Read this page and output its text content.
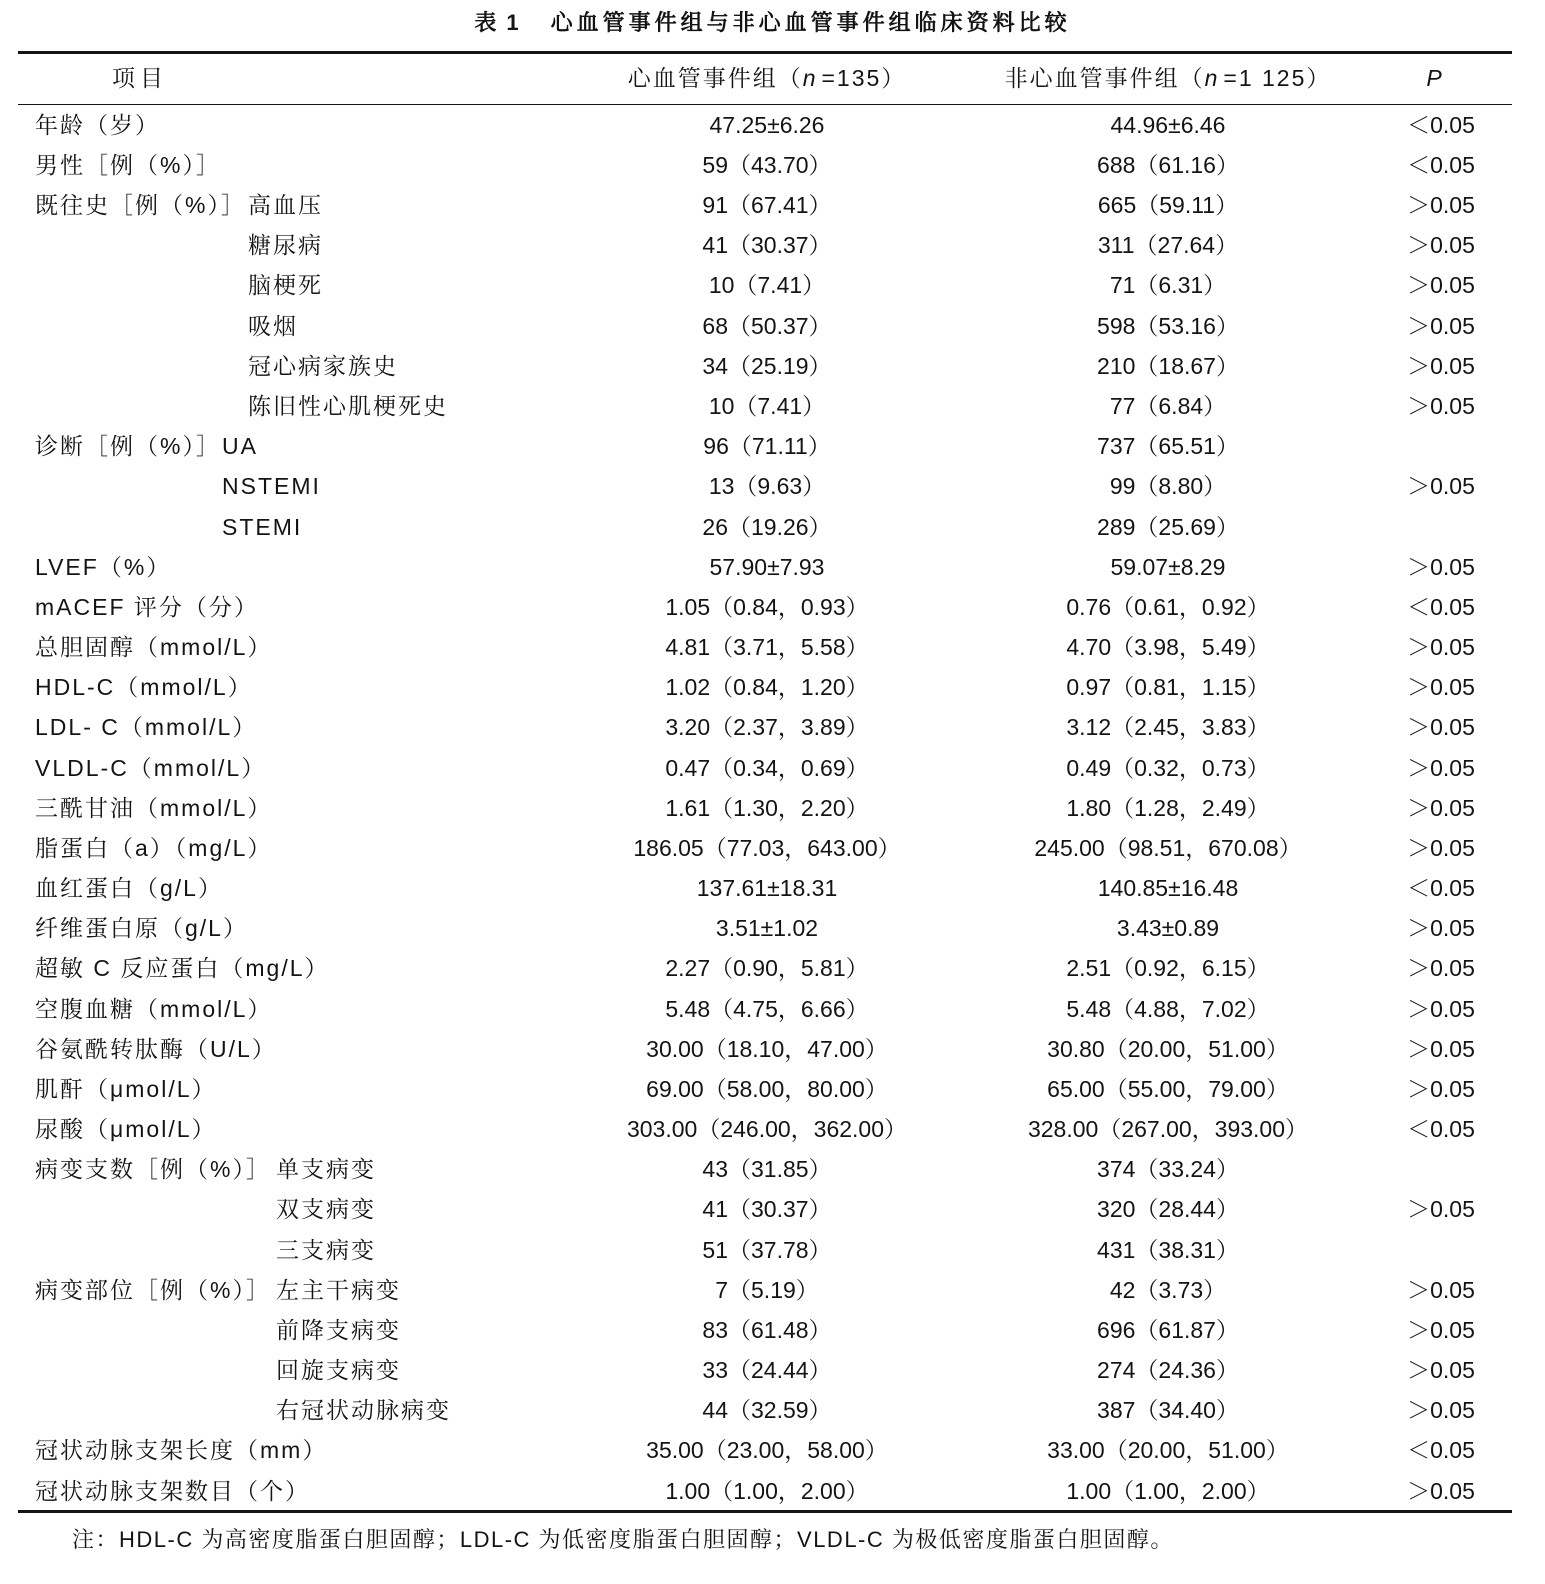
表 1 心血管事件组与非心血管事件组临床资料比较
项目	心血管事件组（n =135）	非心血管事件组（n =1 125）	P
年龄（岁）	47.25±6.26	44.96±6.46	＜0.05
男性［例（%）］	59（43.70）	688（61.16）	＜0.05
既往史［例（%）］ 高血压	91（67.41）	665（59.11）	＞0.05
糖尿病	41（30.37）	311（27.64）	＞0.05
脑梗死	10（7.41）	71（6.31）	＞0.05
吸烟	68（50.37）	598（53.16）	＞0.05
冠心病家族史	34（25.19）	210（18.67）	＞0.05
陈旧性心肌梗死史	10（7.41）	77（6.84）	＞0.05
诊断［例（%）］ UA	96（71.11）	737（65.51）
NSTEMI	13（9.63）	99（8.80）	＞0.05
STEMI	26（19.26）	289（25.69）
LVEF（%）	57.90±7.93	59.07±8.29	＞0.05
mACEF 评分（分）	1.05（0.84，0.93）	0.76（0.61，0.92）	＜0.05
总胆固醇（mmol/L）	4.81（3.71，5.58）	4.70（3.98，5.49）	＞0.05
HDL-C（mmol/L）	1.02（0.84，1.20）	0.97（0.81，1.15）	＞0.05
LDL- C（mmol/L）	3.20（2.37，3.89）	3.12（2.45，3.83）	＞0.05
VLDL-C（mmol/L）	0.47（0.34，0.69）	0.49（0.32，0.73）	＞0.05
三酰甘油（mmol/L）	1.61（1.30，2.20）	1.80（1.28，2.49）	＞0.05
脂蛋白（a）（mg/L）	186.05（77.03，643.00）	245.00（98.51，670.08）	＞0.05
血红蛋白（g/L）	137.61±18.31	140.85±16.48	＜0.05
纤维蛋白原（g/L）	3.51±1.02	3.43±0.89	＞0.05
超敏 C 反应蛋白（mg/L）	2.27（0.90，5.81）	2.51（0.92，6.15）	＞0.05
空腹血糖（mmol/L）	5.48（4.75，6.66）	5.48（4.88，7.02）	＞0.05
谷氨酰转肽酶（U/L）	30.00（18.10，47.00）	30.80（20.00，51.00）	＞0.05
肌酐（μmol/L）	69.00（58.00，80.00）	65.00（55.00，79.00）	＞0.05
尿酸（μmol/L）	303.00（246.00，362.00）	328.00（267.00，393.00）	＜0.05
病变支数［例（%）］ 单支病变	43（31.85）	374（33.24）
双支病变	41（30.37）	320（28.44）	＞0.05
三支病变	51（37.78）	431（38.31）
病变部位［例（%）］ 左主干病变	7（5.19）	42（3.73）	＞0.05
前降支病变	83（61.48）	696（61.87）	＞0.05
回旋支病变	33（24.44）	274（24.36）	＞0.05
右冠状动脉病变	44（32.59）	387（34.40）	＞0.05
冠状动脉支架长度（mm）	35.00（23.00，58.00）	33.00（20.00，51.00）	＜0.05
冠状动脉支架数目（个）	1.00（1.00，2.00）	1.00（1.00，2.00）	＞0.05
注：HDL-C 为高密度脂蛋白胆固醇；LDL-C 为低密度脂蛋白胆固醇；VLDL-C 为极低密度脂蛋白胆固醇。
